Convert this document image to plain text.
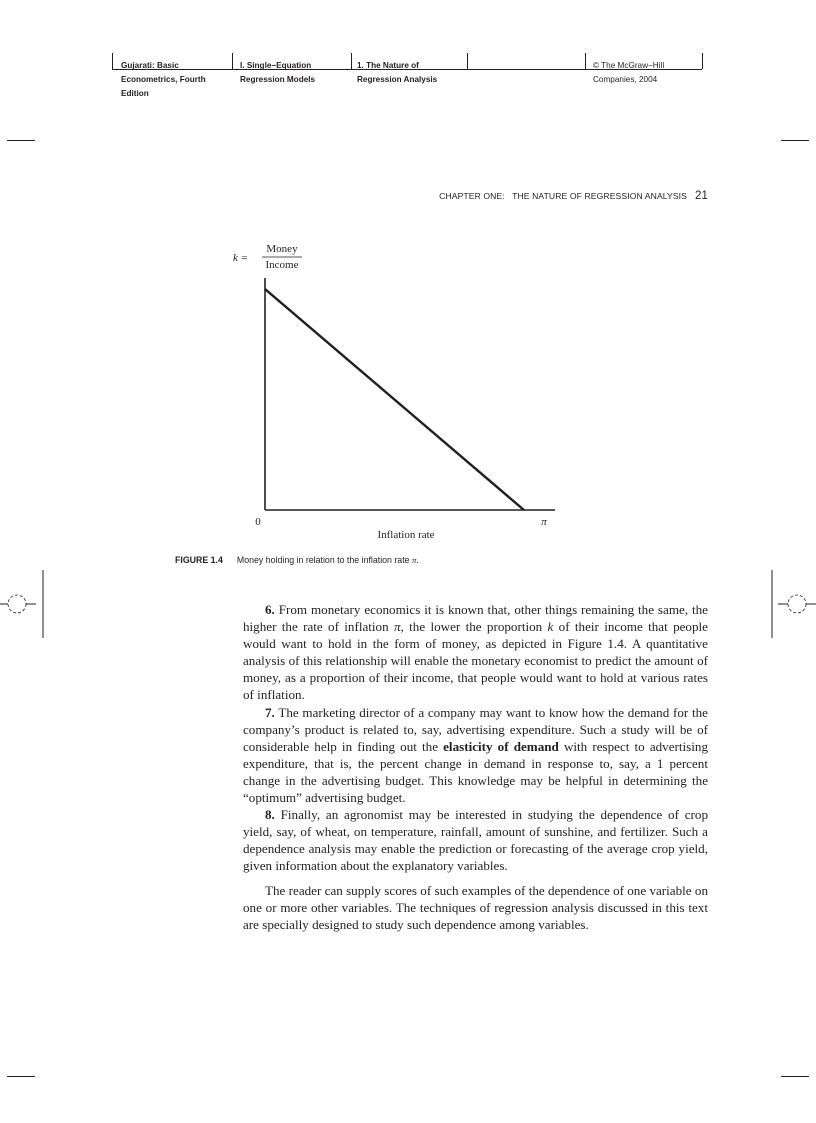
Gujarati: Basic
Econometrics, Fourth
Edition
I. Single−Equation
Regression Models
1. The Nature of
Regression Analysis
© The McGraw−Hill
Companies, 2004
CHAPTER ONE:   THE NATURE OF REGRESSION ANALYSIS 21
k =
Money
Income
0	π
Inflation rate
FIGURE 1.4 Money holding in relation to the inflation rate π.

6. From monetary economics it is known that, other things remaining the same, the higher the rate of inflation π, the lower the proportion k of their income that people would want to hold in the form of money, as depicted in Figure 1.4. A quantitative analysis of this relationship will enable the monetary economist to predict the amount of money, as a proportion of their income, that people would want to hold at various rates of inflation.

7. The marketing director of a company may want to know how the demand for the company’s product is related to, say, advertising expenditure. Such a study will be of considerable help in finding out the elasticity of demand with respect to advertising expenditure, that is, the percent change in demand in response to, say, a 1 percent change in the advertising budget. This knowledge may be helpful in determining the “optimum” advertising budget.

8. Finally, an agronomist may be interested in studying the dependence of crop yield, say, of wheat, on temperature, rainfall, amount of sunshine, and fertilizer. Such a dependence analysis may enable the prediction or forecasting of the average crop yield, given information about the explanatory variables.

The reader can supply scores of such examples of the dependence of one variable on one or more other variables. The techniques of regression analysis discussed in this text are specially designed to study such dependence among variables.
